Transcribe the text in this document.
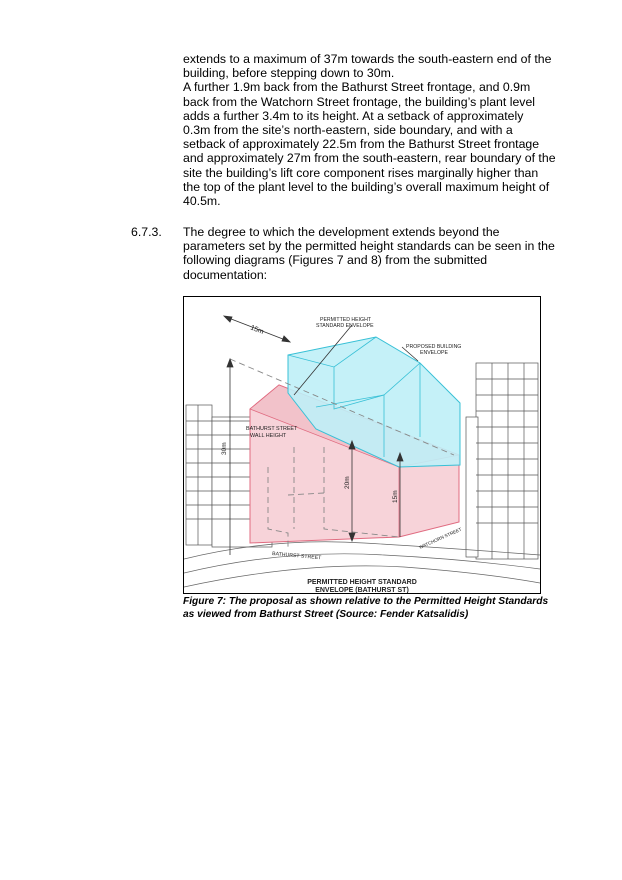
extends to a maximum of 37m towards the south-eastern end of the
building, before stepping down to 30m.
A further 1.9m back from the Bathurst Street frontage, and 0.9m
back from the Watchorn Street frontage, the building’s plant level
adds a further 3.4m to its height. At a setback of approximately
0.3m from the site’s north-eastern, side boundary, and with a
setback of approximately 22.5m from the Bathurst Street frontage
and approximately 27m from the south-eastern, rear boundary of the
site the building’s lift core component rises marginally higher than
the top of the plant level to the building’s overall maximum height of
40.5m.
6.7.3. The degree to which the development extends beyond the
parameters set by the permitted height standards can be seen in the
following diagrams (Figures 7 and 8) from the submitted
documentation:
15m
PERMITTED HEIGHT
STANDARD ENVELOPE
PROPOSED BUILDING
ENVELOPE
BATHURST STREET
WALL HEIGHT
30m
20m
15m
BATHURST STREET
WATCHORN STREET
PERMITTED HEIGHT STANDARD
ENVELOPE (BATHURST ST)
Figure 7: The proposal as shown relative to the Permitted Height Standards
as viewed from Bathurst Street (Source: Fender Katsalidis)
